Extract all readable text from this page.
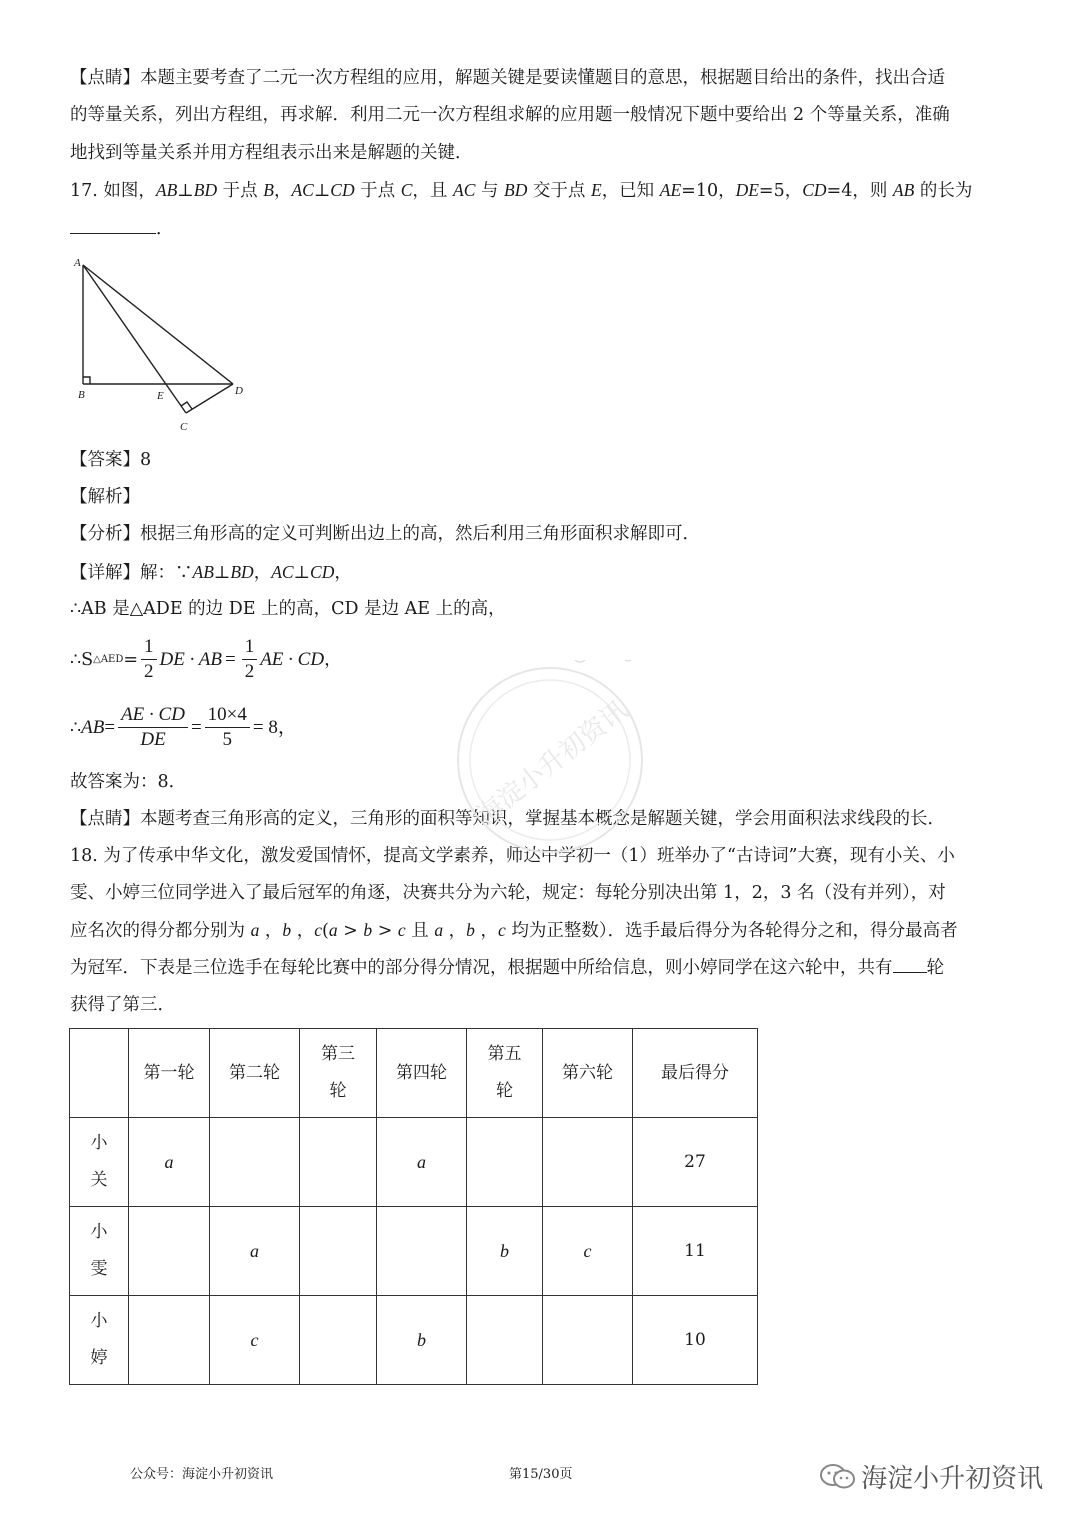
【点睛】本题主要考查了二元一次方程组的应用，解题关键是要读懂题目的意思，根据题目给出的条件，找出合适
的等量关系，列出方程组，再求解．利用二元一次方程组求解的应用题一般情况下题中要给出 2 个等量关系，准确
地找到等量关系并用方程组表示出来是解题的关键．
17. 如图，AB⊥BD 于点 B，AC⊥CD 于点 C，且 AC 与 BD 交于点 E，已知 AE=10，DE=5，CD=4，则 AB 的长为
．
A
B	E	D
C
【答案】8
【解析】
【分析】根据三角形高的定义可判断出边上的高，然后利用三角形面积求解即可．
【详解】解：∵AB⊥BD，AC⊥CD，
∴AB 是△ADE 的边 DE 上的高，CD 是边 AE 上的高，
∴S △AED = $\frac{1}{2}$ DE · AB = $\frac{1}{2}$ AE · CD ，
∴ AB = $\frac{AE \cdot CD}{DE} = \frac{10\times 4}{5} = 8$，
故答案为：8．
【点睛】本题考查三角形高的定义，三角形的面积等知识，掌握基本概念是解题关键，学会用面积法求线段的长．
18. 为了传承中华文化，激发爱国情怀，提高文学素养，师达中学初一（1）班举办了“古诗词”大赛，现有小关、小
雯、小婷三位同学进入了最后冠军的角逐，决赛共分为六轮，规定：每轮分别决出第 1，2，3 名（没有并列），对
应名次的得分都分别为 a ，b ，c(a > b > c 且 a ，b ，c 均为正整数）．选手最后得分为各轮得分之和，得分最高者
为冠军．下表是三位选手在每轮比赛中的部分得分情况，根据题中所给信息，则小婷同学在这六轮中，共有 轮
获得了第三．
	第一轮	第二轮	第三
轮	第四轮	第五
轮	第六轮	最后得分
小
关	a			a			27
小
雯		a			b	c	11
小
婷		c		b			10
海淀小升初资讯
公众号：海淀小升初资讯	第15/30页	海淀小升初资讯
